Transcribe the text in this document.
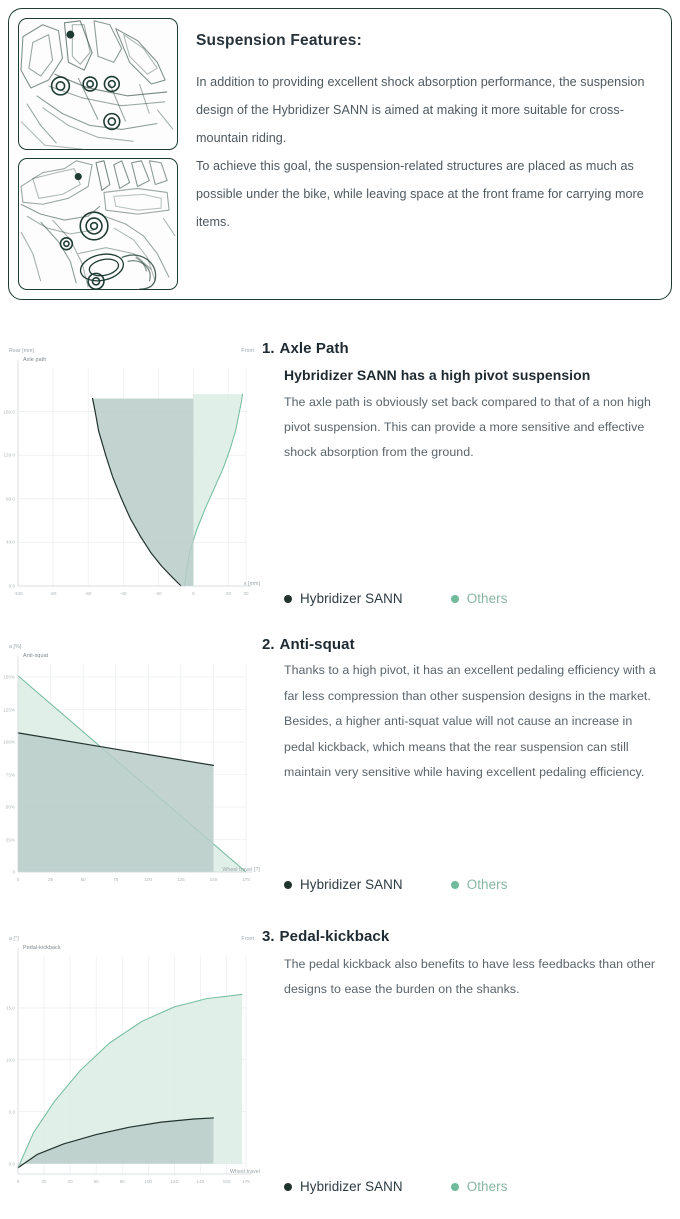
Suspension Features:

In addition to providing excellent shock absorption performance, the suspension design of the Hybridizer SANN is aimed at making it more suitable for cross-mountain riding.

To achieve this goal, the suspension-related structures are placed as much as possible under the bike, while leaving space at the front frame for carrying more items.

-100	-80	-60	-40	-20	0	20	30
0.0
40.0
80.0
120.0
160.0
Rear [mm]	Front
x [mm]
Axle path
1. Axle Path
Hybridizer SANN has a high pivot suspension

The axle path is obviously set back compared to that of a non high pivot suspension. This can provide a more sensitive and effective shock absorption from the ground.

Hybridizer SANN	Others
0	25	50	75	100	125	150	175
0
25%
50%
75%
100%
125%
150%
a [%]
Wheel travel [?]
Anti-squat
2. Anti-squat

Thanks to a high pivot, it has an excellent pedaling efficiency with a far less compression than other suspension designs in the market. Besides, a higher anti-squat value will not cause an increase in pedal kickback, which means that the rear suspension can still maintain very sensitive while having excellent pedaling efficiency.

Hybridizer SANN	Others
0	20	40	60	80	100	120	140	160	175
0.0
5.0
10.0
15.0
a [°]	Front
Wheel travel
Pedal-kickback
3. Pedal-kickback

The pedal kickback also benefits to have less feedbacks than other designs to ease the burden on the shanks.

Hybridizer SANN	Others
